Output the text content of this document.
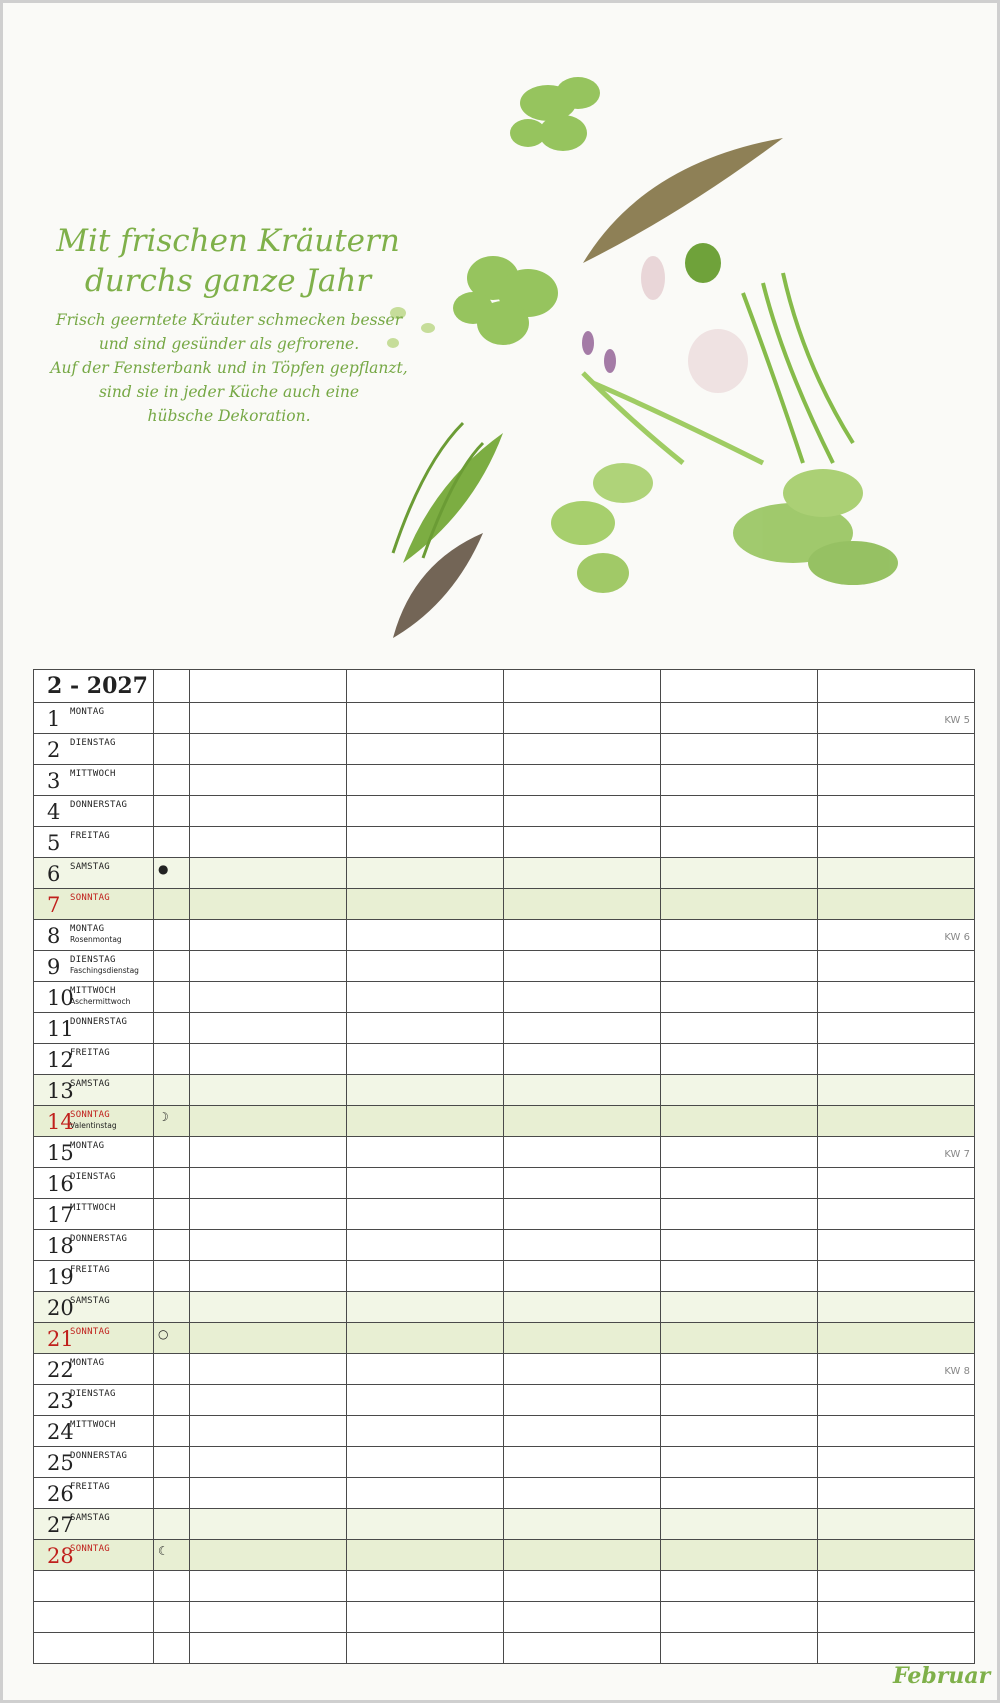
Mit frischen Kräutern
durchs ganze Jahr
Frisch geerntete Kräuter schmecken besser
und sind gesünder als gefrorene.
Auf der Fensterbank und in Töpfen gepflanzt,
sind sie in jeder Küche auch eine
hübsche Dekoration.
2 - 2027						

1 MONTAG						KW 5

2 DIENSTAG						

3 MITTWOCH						

4 DONNERSTAG						

5 FREITAG						

6 SAMSTAG	●					

7 SONNTAG						

8 MONTAG
Rosenmontag						KW 6

9 DIENSTAG
Faschingsdienstag						

10
MITTWOCH
Aschermittwoch						

11
DONNERSTAG						

12
FREITAG						

13
SAMSTAG						

14
SONNTAG
Valentinstag	☽					

15
MONTAG						KW 7

16
DIENSTAG						

17
MITTWOCH						

18
DONNERSTAG						

19
FREITAG						

20
SAMSTAG						

21
SONNTAG	○					

22
MONTAG						KW 8

23
DIENSTAG						

24
MITTWOCH						

25
DONNERSTAG						

26
FREITAG						

27
SAMSTAG						

28
SONNTAG	☾					

Februar
